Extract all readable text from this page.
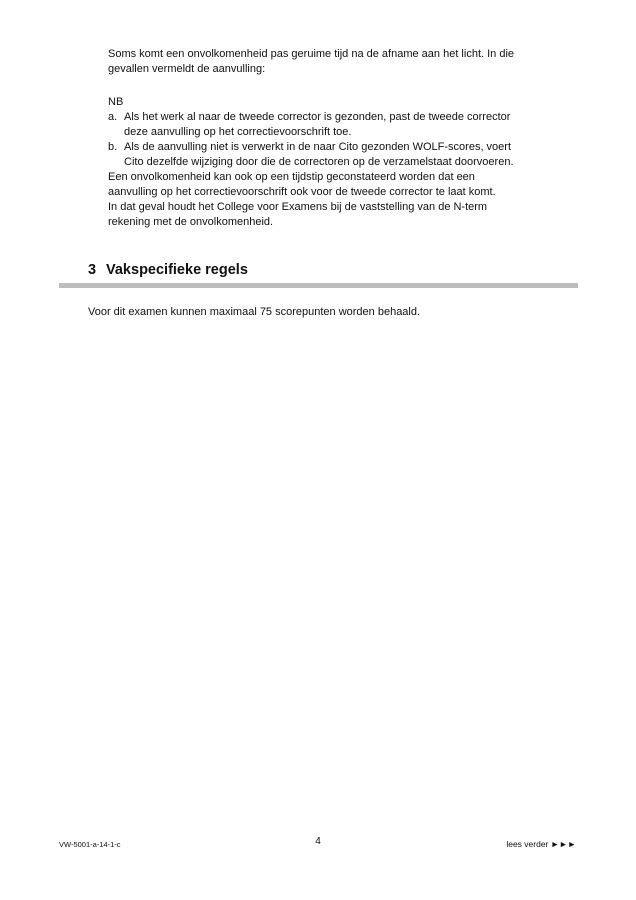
Soms komt een onvolkomenheid pas geruime tijd na de afname aan het licht. In die
gevallen vermeldt de aanvulling:
NB
a. Als het werk al naar de tweede corrector is gezonden, past de tweede corrector
deze aanvulling op het correctievoorschrift toe.
b. Als de aanvulling niet is verwerkt in de naar Cito gezonden WOLF-scores, voert
Cito dezelfde wijziging door die de correctoren op de verzamelstaat doorvoeren.
Een onvolkomenheid kan ook op een tijdstip geconstateerd worden dat een
aanvulling op het correctievoorschrift ook voor de tweede corrector te laat komt.
In dat geval houdt het College voor Examens bij de vaststelling van de N-term
rekening met de onvolkomenheid.
3 Vakspecifieke regels
Voor dit examen kunnen maximaal 75 scorepunten worden behaald.
VW-5001-a-14-1-c	4	lees verder ►►►
